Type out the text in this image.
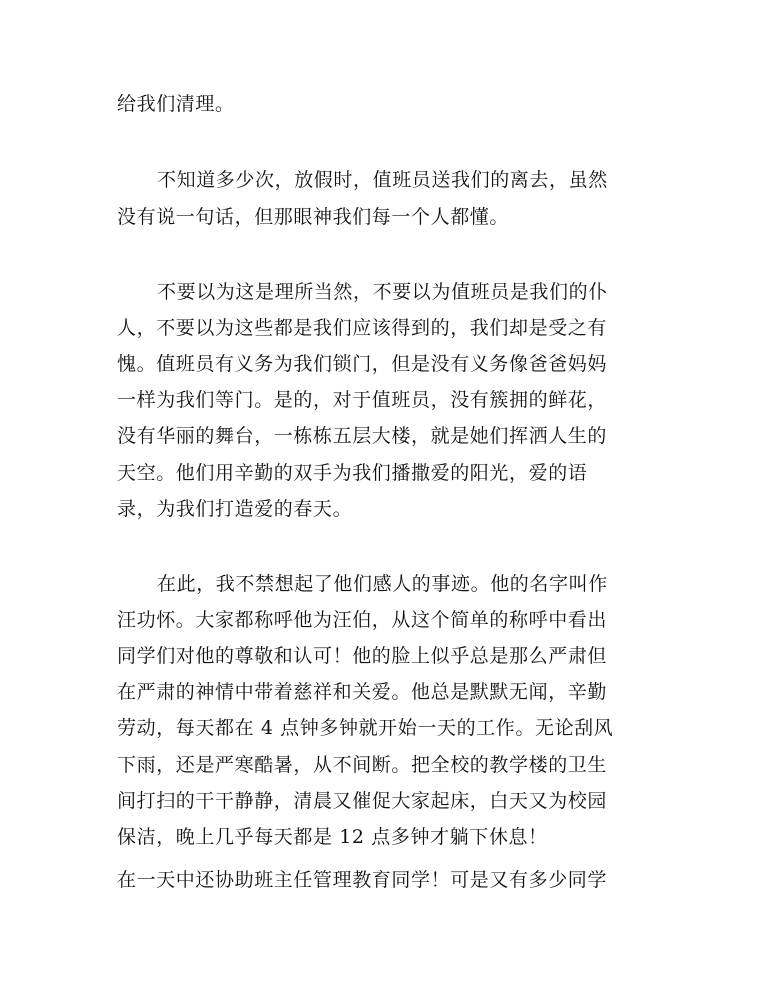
给我们清理。
不知道多少次，放假时，值班员送我们的离去，虽然
没有说一句话，但那眼神我们每一个人都懂。
不要以为这是理所当然，不要以为值班员是我们的仆
人，不要以为这些都是我们应该得到的，我们却是受之有
愧。值班员有义务为我们锁门，但是没有义务像爸爸妈妈
一样为我们等门。是的，对于值班员，没有簇拥的鲜花，
没有华丽的舞台，一栋栋五层大楼，就是她们挥洒人生的
天空。他们用辛勤的双手为我们播撒爱的阳光，爱的语
录，为我们打造爱的春天。
在此，我不禁想起了他们感人的事迹。他的名字叫作
汪功怀。大家都称呼他为汪伯，从这个简单的称呼中看出
同学们对他的尊敬和认可！他的脸上似乎总是那么严肃但
在严肃的神情中带着慈祥和关爱。他总是默默无闻，辛勤
劳动，每天都在 4 点钟多钟就开始一天的工作。无论刮风
下雨，还是严寒酷暑，从不间断。把全校的教学楼的卫生
间打扫的干干静静，清晨又催促大家起床，白天又为校园
保洁，晚上几乎每天都是 12 点多钟才躺下休息！
在一天中还协助班主任管理教育同学！可是又有多少同学
